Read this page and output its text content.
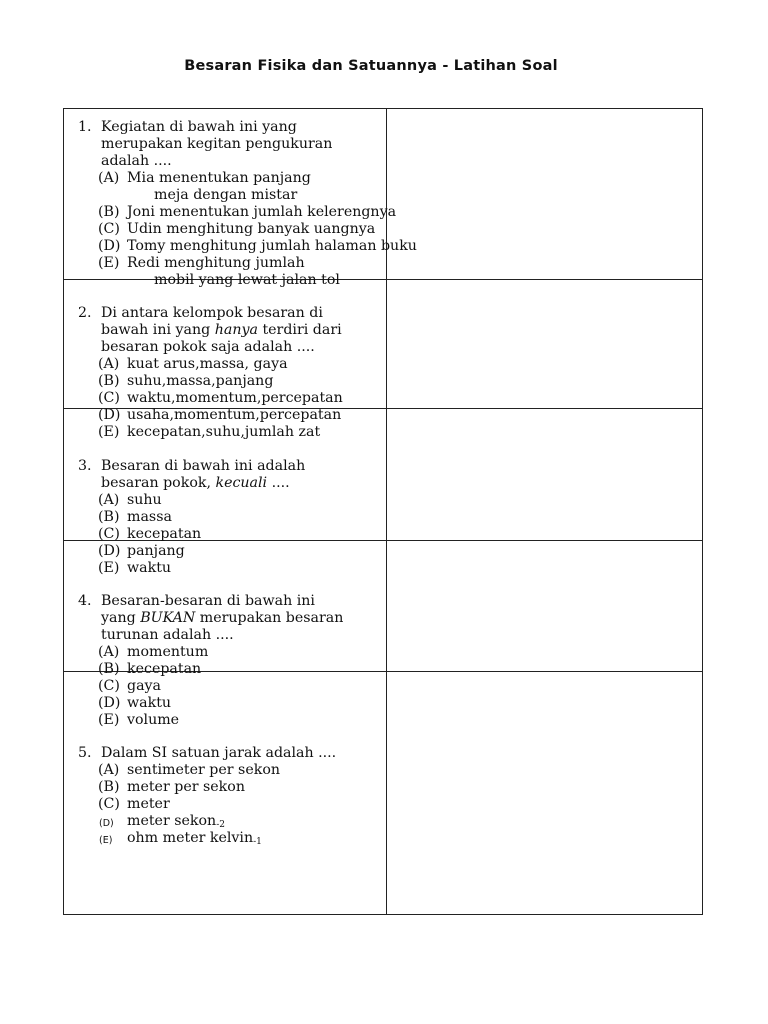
Besaran Fisika dan Satuannya - Latihan Soal
1. Kegiatan di bawah ini yang
merupakan kegitan pengukuran
adalah ....
(A) Mia menentukan panjang
meja dengan mistar
(B) Joni menentukan jumlah kelerengnya
(C) Udin menghitung banyak uangnya
(D) Tomy menghitung jumlah halaman buku
(E) Redi menghitung jumlah
mobil yang lewat jalan tol
2. Di antara kelompok besaran di
bawah ini yang hanya terdiri dari
besaran pokok saja adalah ....
(A) kuat arus,massa, gaya
(B) suhu,massa,panjang
(C) waktu,momentum,percepatan
(D) usaha,momentum,percepatan
(E) kecepatan,suhu,jumlah zat
3. Besaran di bawah ini adalah
besaran pokok, kecuali ....
(A) suhu
(B) massa
(C) kecepatan
(D) panjang
(E) waktu
4. Besaran-besaran di bawah ini
yang BUKAN merupakan besaran
turunan adalah ....
(A) momentum
(B) kecepatan
(C) gaya
(D) waktu
(E) volume
5. Dalam SI satuan jarak adalah ....
(A) sentimeter per sekon
(B) meter per sekon
(C) meter
(D) meter sekon-2
(E) ohm meter kelvin-1
